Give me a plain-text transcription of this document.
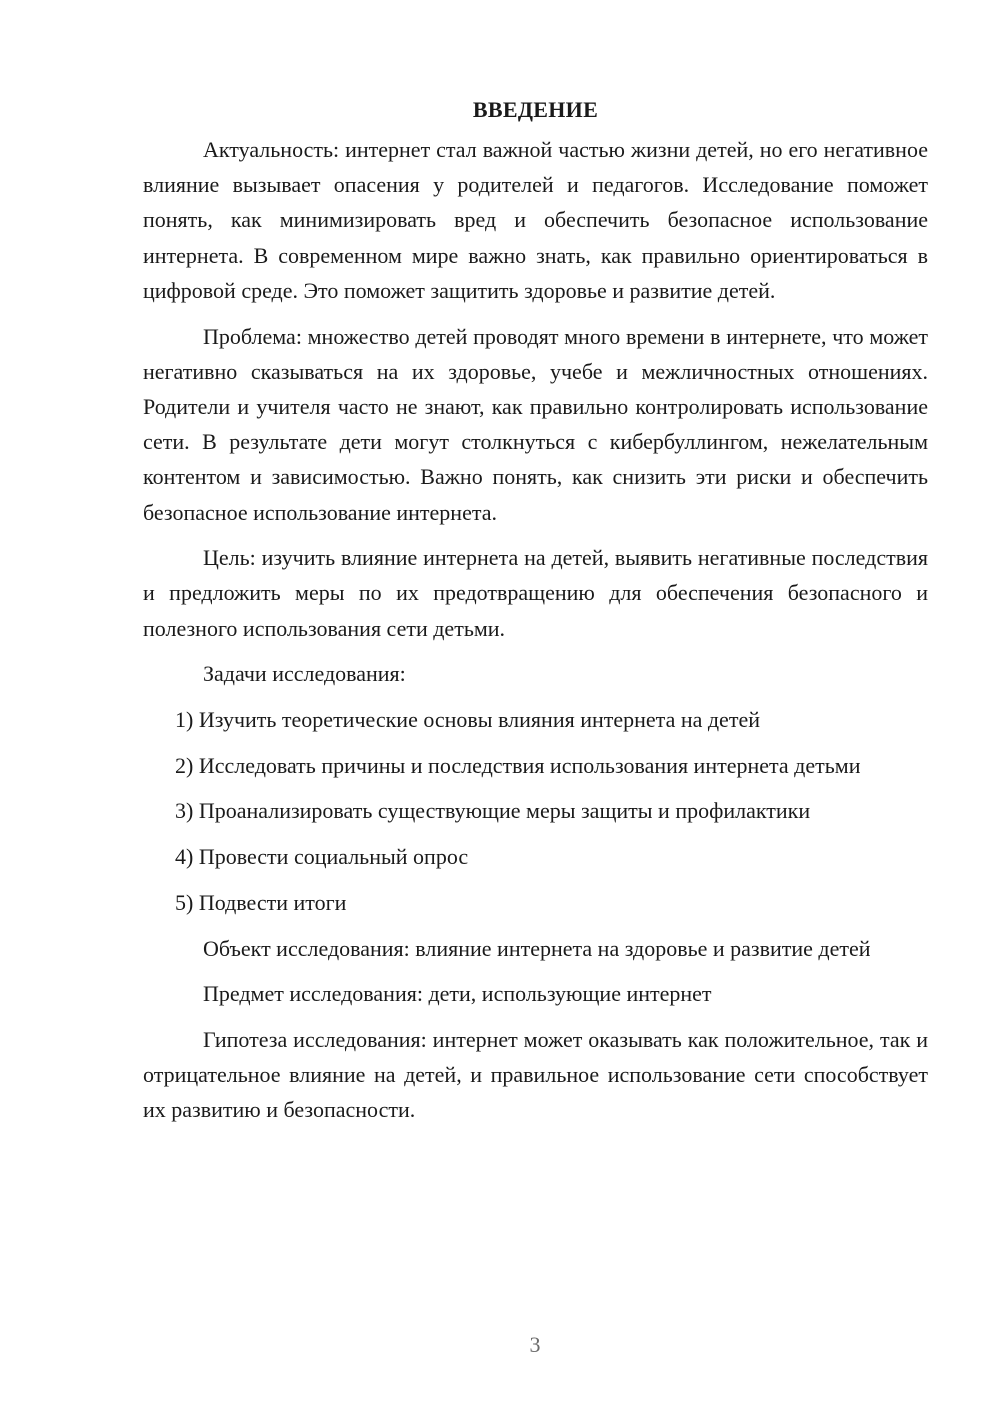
ВВЕДЕНИЕ

Актуальность: интернет стал важной частью жизни детей, но его негативное влияние вызывает опасения у родителей и педагогов. Исследование поможет понять, как минимизировать вред и обеспечить безопасное использование интернета. В современном мире важно знать, как правильно ориентироваться в цифровой среде. Это поможет защитить здоровье и развитие детей.

Проблема: множество детей проводят много времени в интернете, что может негативно сказываться на их здоровье, учебе и межличностных отношениях. Родители и учителя часто не знают, как правильно контролировать использование сети. В результате дети могут столкнуться с кибербуллингом, нежелательным контентом и зависимостью. Важно понять, как снизить эти риски и обеспечить безопасное использование интернета.

Цель: изучить влияние интернета на детей, выявить негативные последствия и предложить меры по их предотвращению для обеспечения безопасного и полезного использования сети детьми.

Задачи исследования:

1) Изучить теоретические основы влияния интернета на детей

2) Исследовать причины и последствия использования интернета детьми

3) Проанализировать существующие меры защиты и профилактики

4) Провести социальный опрос

5) Подвести итоги

Объект исследования: влияние интернета на здоровье и развитие детей

Предмет исследования: дети, использующие интернет

Гипотеза исследования: интернет может оказывать как положительное, так и отрицательное влияние на детей, и правильное использование сети способствует их развитию и безопасности.

3
